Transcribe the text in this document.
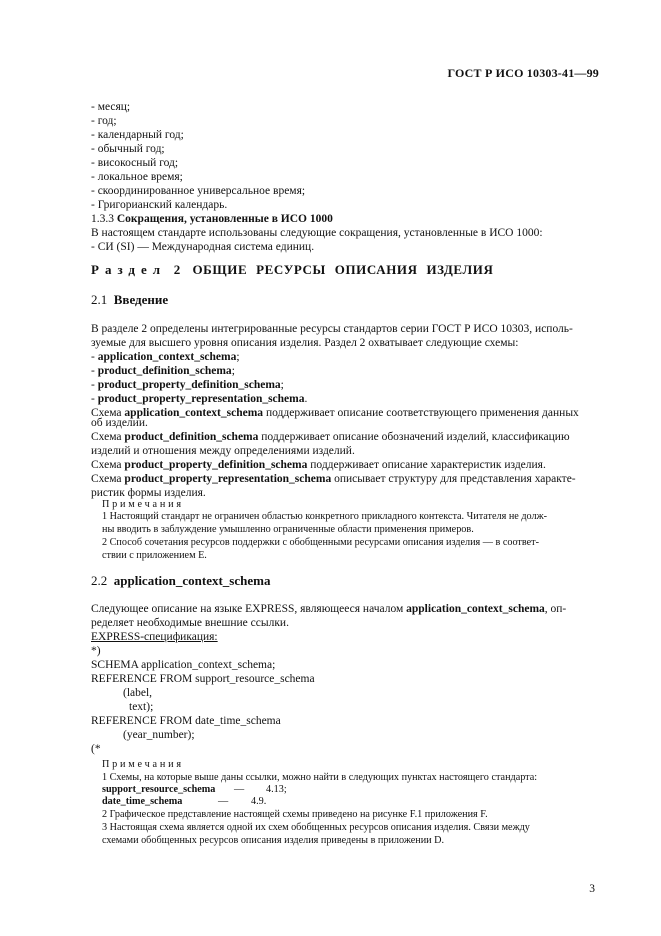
ГОСТ Р ИСО 10303-41—99
- месяц;
- год;
- календарный год;
- обычный год;
- високосный год;
- локальное время;
- скоординированное универсальное время;
- Григорианский календарь.
1.3.3 Сокращения, установленные в ИСО 1000
В настоящем стандарте использованы следующие сокращения, установленные в ИСО 1000:
- СИ (SI) — Международная система единиц.
Раздел 2 ОБЩИЕ РЕСУРСЫ ОПИСАНИЯ ИЗДЕЛИЯ
2.1 Введение
В разделе 2 определены интегрированные ресурсы стандартов серии ГОСТ Р ИСО 10303, исполь-
зуемые для высшего уровня описания изделия. Раздел 2 охватывает следующие схемы:
- application_context_schema;
- product_definition_schema;
- product_property_definition_schema;
- product_property_representation_schema.
Схема application_context_schema поддерживает описание соответствующего применения данных
об изделии.
Схема product_definition_schema поддерживает описание обозначений изделий, классификацию
изделий и отношения между определениями изделий.
Схема product_property_definition_schema поддерживает описание характеристик изделия.
Схема product_property_representation_schema описывает структуру для представления характе-
ристик формы изделия.
Примечания
1 Настоящий стандарт не ограничен областью конкретного прикладного контекста. Читателя не долж-
ны вводить в заблуждение умышленно ограниченные области применения примеров.
2 Способ сочетания ресурсов поддержки с обобщенными ресурсами описания изделия — в соответ-
ствии с приложением Е.
2.2 application_context_schema
Следующее описание на языке EXPRESS, являющееся началом application_context_schema, оп-
ределяет необходимые внешние ссылки.
EXPRESS-спецификация:
*)
SCHEMA application_context_schema;
REFERENCE FROM support_resource_schema
(label,
text);
REFERENCE FROM date_time_schema
(year_number);
(*
Примечания
1 Схемы, на которые выше даны ссылки, можно найти в следующих пунктах настоящего стандарта:
support_resource_schema — 4.13;
date_time_schema	— 4.9.
2 Графическое представление настоящей схемы приведено на рисунке F.1 приложения F.
3 Настоящая схема является одной их схем обобщенных ресурсов описания изделия. Связи между
схемами обобщенных ресурсов описания изделия приведены в приложении D.
3
